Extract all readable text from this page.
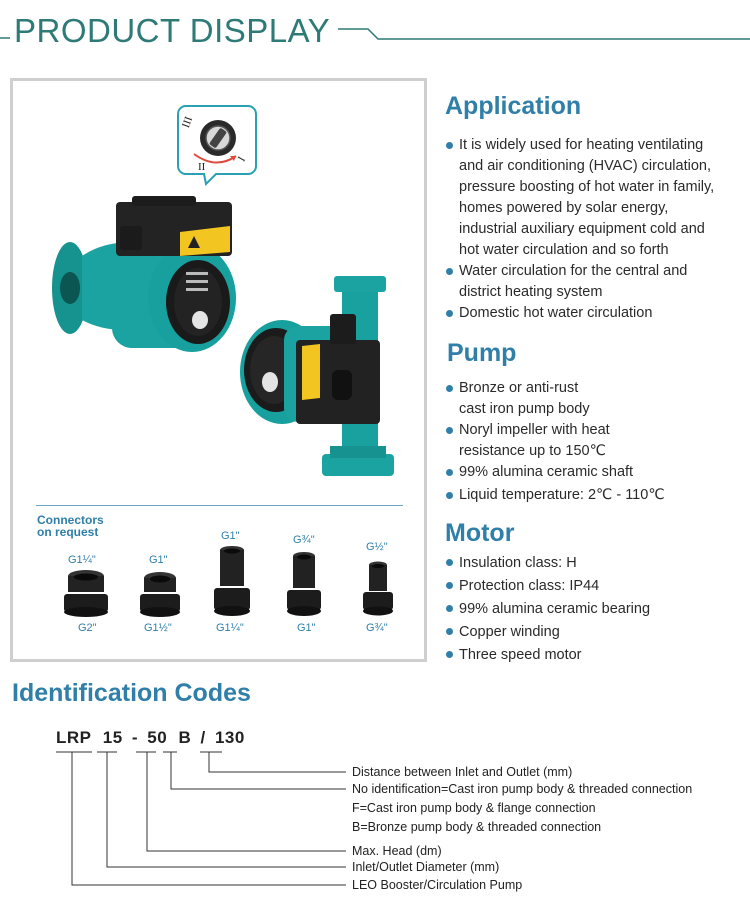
PRODUCT DISPLAY
III
II
I
Connectors
on request
G1¼"
G2"
G1"
G1½"
G1"
G1¼"
G¾"
G1"
G½"
G¾"
Application
It is widely used for heating ventilating
and air conditioning (HVAC) circulation,
pressure boosting of hot water in family,
homes powered by solar energy,
industrial auxiliary equipment cold and
hot water circulation and so forth
Water circulation for the central and
district heating system
Domestic hot water circulation
Pump
Bronze or anti-rust
cast iron pump body
Noryl impeller with heat
resistance up to 150℃
99% alumina ceramic shaft
Liquid temperature: 2℃ - 110℃
Motor
Insulation class: H
Protection class: IP44
99% alumina ceramic bearing
Copper winding
Three speed motor
Identification Codes
LRP 15 - 50 B / 130
Distance between Inlet and Outlet (mm)
No identification=Cast iron pump body & threaded connection
F=Cast iron pump body & flange connection
B=Bronze pump body & threaded connection
Max. Head (dm)
Inlet/Outlet Diameter (mm)
LEO Booster/Circulation Pump
